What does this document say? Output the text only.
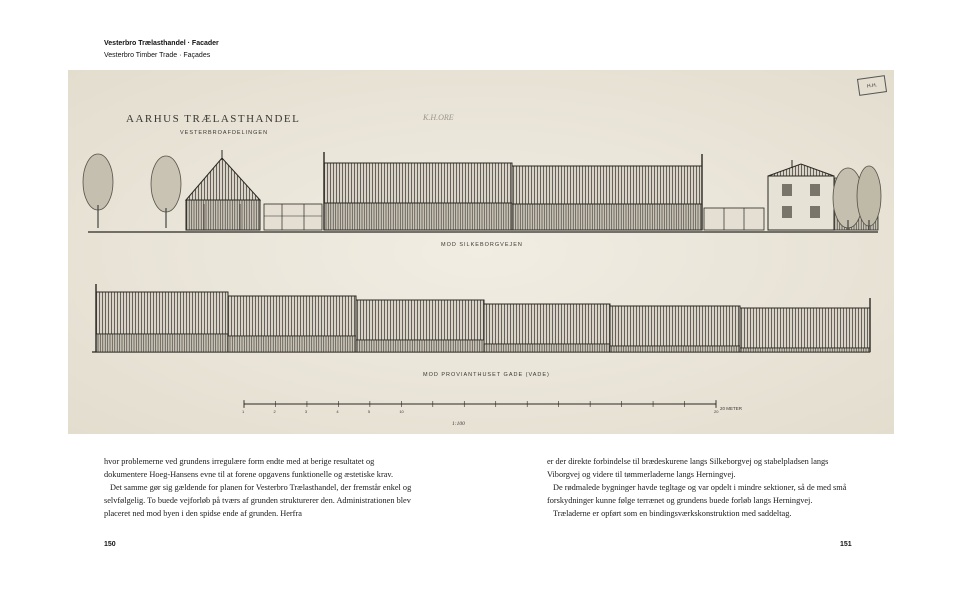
Vesterbro Trælasthandel · Facader
Vesterbro Timber Trade · Façades
AARHUS TRÆLASTHANDEL
VESTERBROAFDELINGEN
K.H.ORE
MOD SILKEBORGVEJEN
MOD PROVIANTHUSET GADE (VADE)
1	2	3	4	5	10	20
20 METER
1:100
H.H.

hvor problemerne ved grundens irregulære form endte med at berige resultatet og dokumentere Hoeg-Hansens evne til at forene opgavens funktionelle og æstetiske krav.

Det samme gør sig gældende for planen for Vesterbro Trælasthandel, der fremstår enkel og selvfølgelig. To buede vejforløb på tværs af grunden strukturerer den. Administrationen blev placeret ned mod byen i den spidse ende af grunden. Herfra

er der direkte forbindelse til brædeskurene langs Silkeborgvej og stabelpladsen langs Viborgvej og videre til tømmerladerne langs Herningvej.

De rødmalede bygninger havde tegltage og var opdelt i mindre sektioner, så de med små forskydninger kunne følge terrænet og grundens buede forløb langs Herningvej.

Træladerne er opført som en bindingsværkskonstruktion med saddeltag.

150	151
